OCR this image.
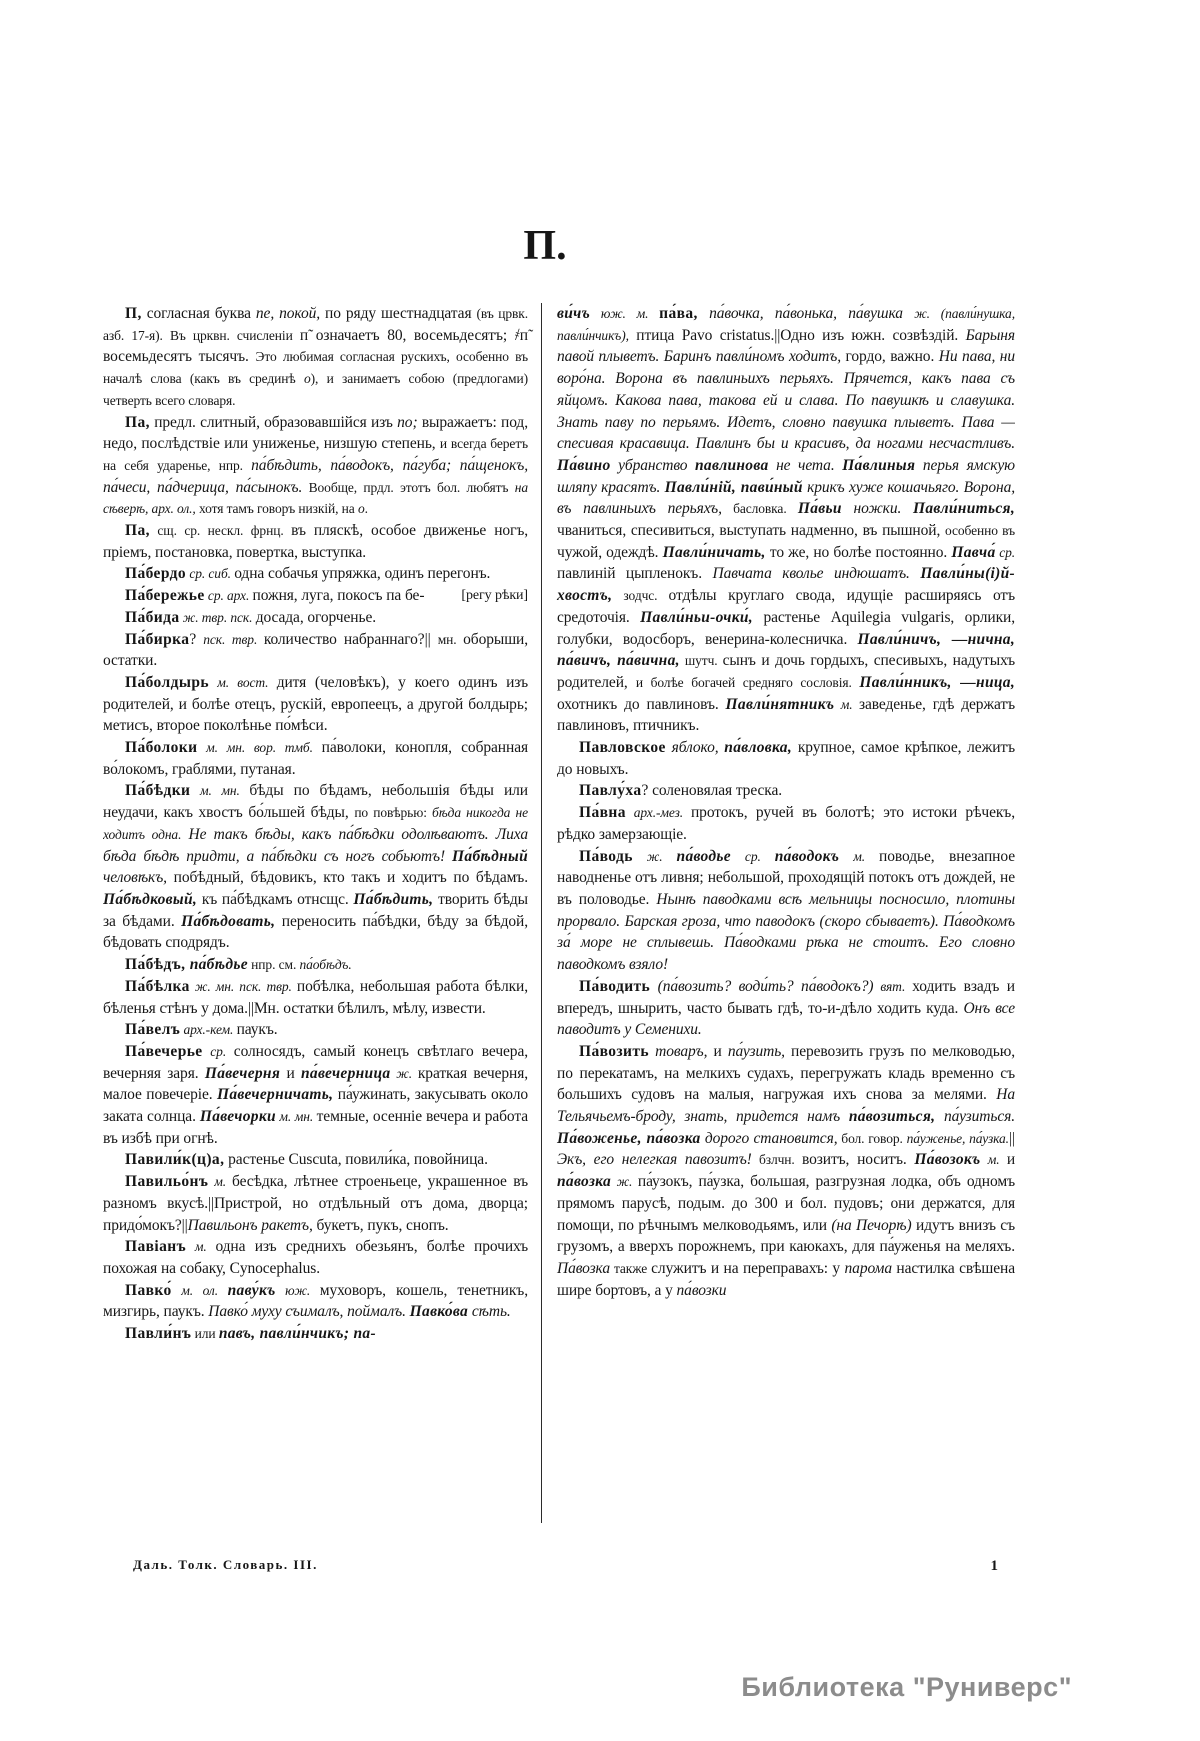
П.

П, согласная буква пе, покой, по ряду шестнадцатая (въ црвк. азб. 17-я). Въ црквн. счисленіи п̃ означаетъ 80, восемьдесятъ; ҂п̃ восемьдесятъ тысячъ. Это любимая согласная рускихъ, особенно въ началѣ слова (какъ въ срединѣ о), и занимаетъ собою (предлогами) четверть всего словаря.

Па, предл. слитный, образовавшійся изъ по; выражаетъ: под, недо, послѣдствіе или униженье, низшую степень, и всегда беретъ на себя ударенье, нпр. па́бѣдить, па́водокъ, па́губа; па́щенокъ, па́чеси, па́дчерица, па́сынокъ. Вообще, прдл. этотъ бол. любятъ на сѣверѣ, арх. ол., хотя тамъ говоръ низкій, на о.

Па, сщ. ср. нескл. фрнц. въ пляскѣ, особое движенье ногъ, пріемъ, постановка, повертка, выступка.

Па́бердо ср. сиб. одна собачья упряжка, одинъ перегонъ.
[регу рѣки]

Па́бережье ср. арх. пожня, луга, покосъ па бе-

Па́бида ж. твр. пск. досада, огорченье.

Па́бирка? пск. твр. количество набраннаго?|| мн. оборыши, остатки.

Па́болдырь м. вост. дитя (человѣкъ), у коего одинъ изъ родителей, и болѣе отецъ, рускій, европеецъ, а другой болдырь; метисъ, второе поколѣнье по́мѣси.

Па́болоки м. мн. вор. тмб. па́волоки, конопля, собранная во́локомъ, граблями, путаная.

Па́бѣдки м. мн. бѣды по бѣдамъ, небольшія бѣды или неудачи, какъ хвостъ бо́льшей бѣды, по повѣрью: бѣда никогда не ходитъ одна. Не такъ бѣды, какъ па́бѣдки одолѣваютъ. Лиха бѣда бѣдѣ придти, а па́бѣдки съ ногъ собьютъ! Па́бѣдный человѣкъ, побѣдный, бѣдовикъ, кто такъ и ходитъ по бѣдамъ. Па́бѣдковый, къ па́бѣдкамъ отнсщс. Па́бѣдить, творить бѣды за бѣдами. Па́бѣдовать, переносить па́бѣдки, бѣду за бѣдой, бѣдовать сподрядъ.

Па́бѣдъ, па́бѣдье нпр. см. па́обѣдъ.

Па́бѣлка ж. мн. пск. твр. побѣлка, небольшая работа бѣлки, бѣленья стѣнъ у дома.||Мн. остатки бѣлилъ, мѣлу, извести.

Па́велъ арх.-кем. паукъ.

Па́вечерье ср. солносядъ, самый конецъ свѣтлаго вечера, вечерняя заря. Па́вечерня и па́вечерница ж. краткая вечерня, малое повечеріе. Па́вечерничать, па́ужинать, закусывать около заката солнца. Па́вечорки м. мн. темные, осенніе вечера и работа въ избѣ при огнѣ.

Павили́к(ц)а, растенье Cuscuta, повили́ка, повойница.

Павильо́нъ м. бесѣдка, лѣтнее строеньеце, украшенное въ разномъ вкусѣ.||Пристрой, но отдѣльный отъ дома, дворца; придо́мокъ?||Павильонъ ракетъ, букетъ, пукъ, снопъ.

Павіанъ м. одна изъ среднихъ обезьянъ, болѣе прочихъ похожая на собаку, Cynocephalus.

Павко́ м. ол. паву́къ юж. муховоръ, кошель, тенетникъ, мизгирь, паукъ. Павко́ муху съималъ, поймалъ. Павко́ва сѣть.

Павли́нъ или павъ, павли́нчикъ; па-

ви́чъ юж. м. па́ва, па́вочка, па́вонька, па́вушка ж. (павли́нушка, павли́нчикъ), птица Pavo cristatus.||Одно изъ южн. созвѣздій. Барыня павой плыветъ. Баринъ павли́номъ ходитъ, гордо, важно. Ни пава, ни воро́на. Ворона въ павлиньихъ перьяхъ. Прячется, какъ пава съ яйцомъ. Какова пава, такова ей и слава. По павушкѣ и славушка. Знать паву по перьямъ. Идетъ, словно павушка плыветъ. Пава — спесивая красавица. Павлинъ бы и красивъ, да ногами несчастливъ. Па́вино убранство павлинова не чета. Па́влиныя перья ямскую шляпу красятъ. Павли́ній, пави́ный крикъ хуже кошачьяго. Ворона, въ павлиньихъ перьяхъ, басловка. Па́вьи ножки. Павли́ниться, чваниться, спесивиться, выступать надменно, въ пышной, особенно въ чужой, одеждѣ. Павли́ничать, то же, но болѣе постоянно. Павча́ ср. павлиній цыпленокъ. Павчата кволье индюшатъ. Павли́ны(і)й-хвостъ, зодчс. отдѣлы круглаго свода, идущіе расширяясь отъ средоточія. Павли́ньи-очки́, растенье Aquilegia vulgaris, орлики, голубки, водосборъ, венерина-колесничка. Павли́ничъ, —нична, па́вичъ, па́вична, шутч. сынъ и дочь гордыхъ, спесивыхъ, надутыхъ родителей, и болѣе богачей средняго сословія. Павли́нникъ, —ница, охотникъ до павлиновъ. Павли́нятникъ м. заведенье, гдѣ держатъ павлиновъ, птичникъ.

Павловское яблоко, па́вловка, крупное, самое крѣпкое, лежитъ до новыхъ.

Павлу́ха? соленовялая треска.

Па́вна арх.-мез. протокъ, ручей въ болотѣ; это истоки рѣчекъ, рѣдко замерзающіе.

Па́водь ж. па́водье ср. па́водокъ м. поводье, внезапное наводненье отъ ливня; небольшой, проходящій потокъ отъ дождей, не въ половодье. Нынѣ паводками всѣ мельницы посносило, плотины прорвало. Барская гроза, что паводокъ (скоро сбываетъ). Па́водкомъ за́ море не сплывешь. Па́водками рѣка не стоитъ. Его словно паводкомъ взяло!

Па́водить (па́возить? води́ть? па́водокъ?) вят. ходить взадъ и впередъ, шнырить, часто бывать гдѣ, то-и-дѣло ходить куда. Онъ все паводитъ у Семенихи.

Па́возить товаръ, и па́узить, перевозить грузъ по мелководью, по перекатамъ, на мелкихъ судахъ, перегружать кладь временно съ большихъ судовъ на малыя, нагружая ихъ снова за мелями. На Тельячьемъ-броду, знать, придется намъ па́возиться, па́узиться. Па́воженье, па́возка дорого становится, бол. говор. па́уженье, па́узка.||Экъ, его нелегкая павозитъ! бзлчн. возитъ, носитъ. Па́возокъ м. и па́возка ж. па́узокъ, па́узка, большая, разгрузная лодка, объ одномъ прямомъ парусѣ, подым. до 300 и бол. пудовъ; они держатся, для помощи, по рѣчнымъ мелководьямъ, или (на Печорѣ) идутъ внизъ съ грузомъ, а вверхъ порожнемъ, при каюкахъ, для па́уженья на меляхъ. Па́возка также служитъ и на переправахъ: у парома настилка свѣшена шире бортовъ, а у па́возки

Даль. Толк. Словарь. III.	1
Библиотека "Руниверс"
